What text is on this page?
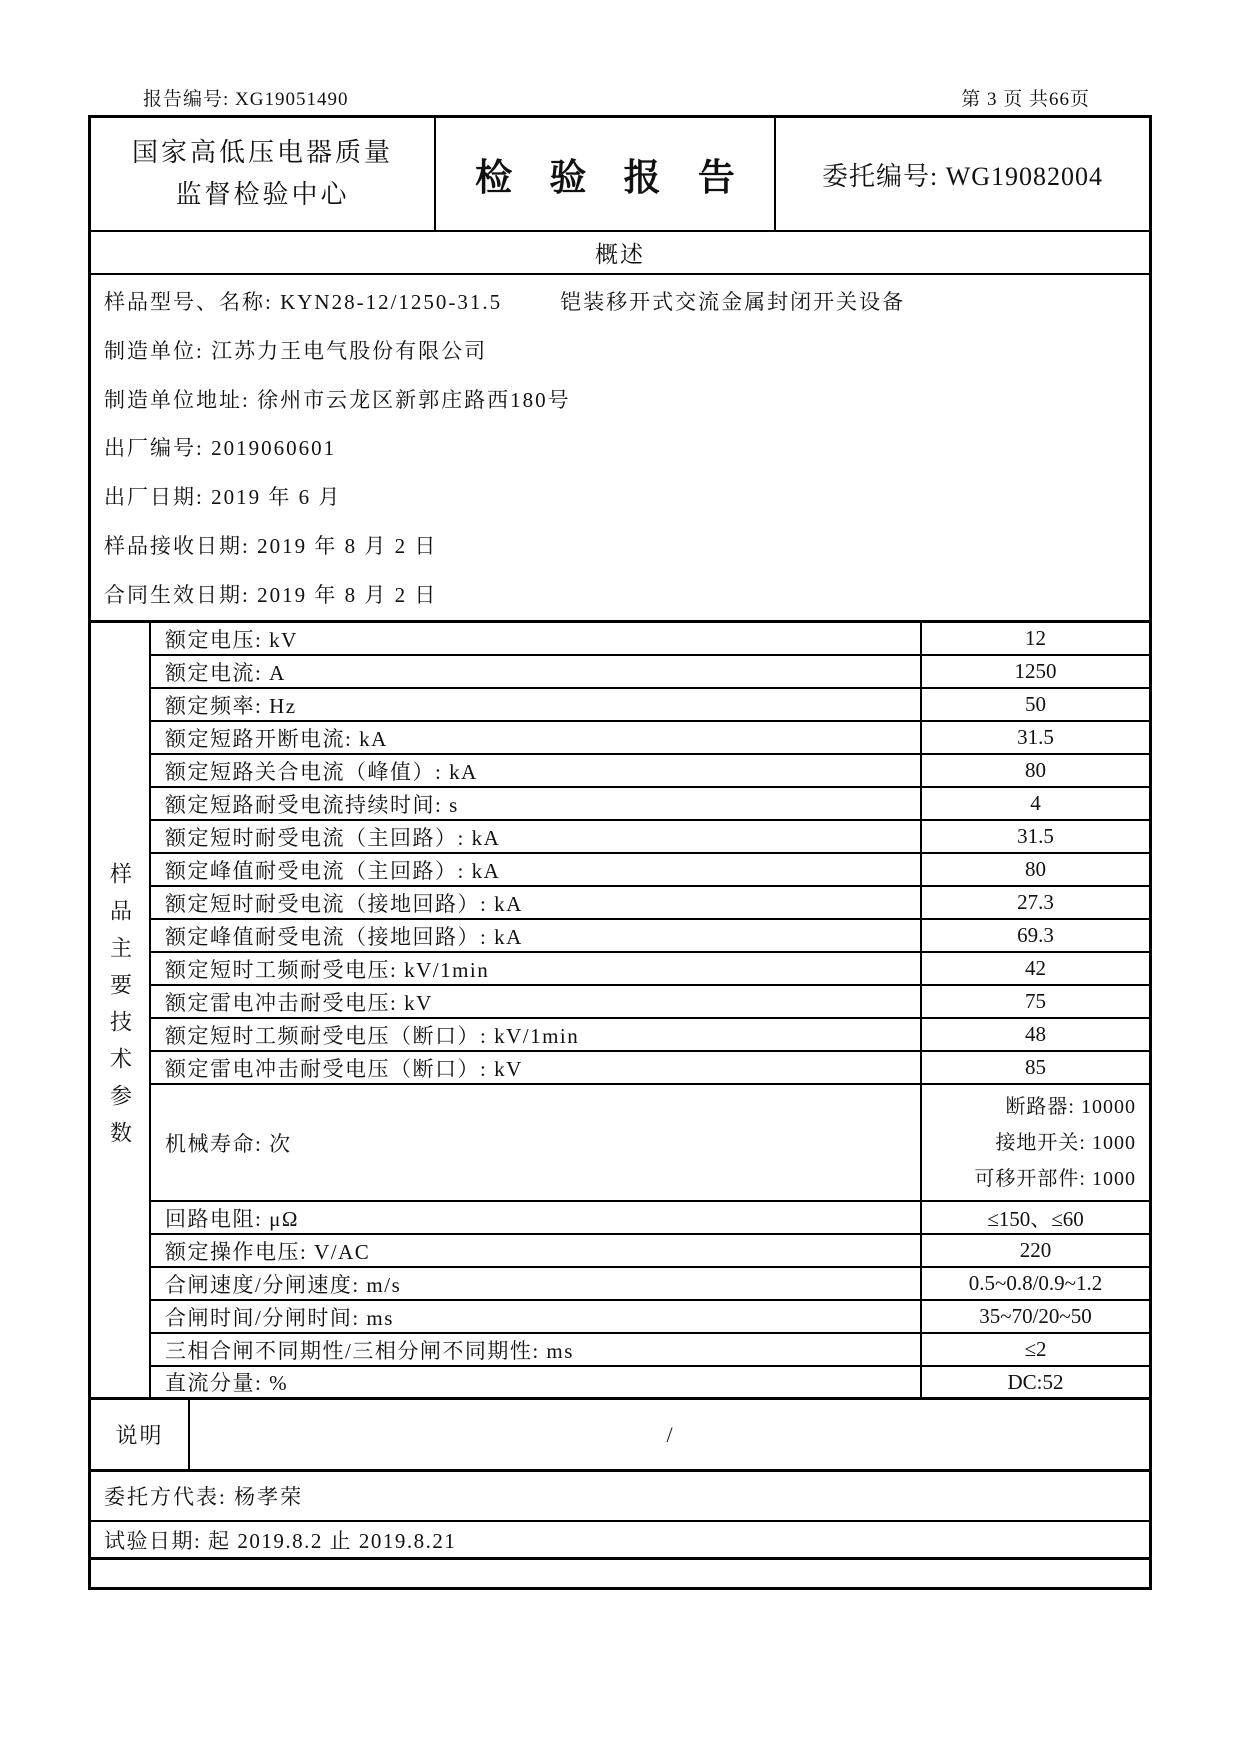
报告编号: XG19051490	第 3 页 共66页
国家高低压电器质量
监督检验中心	检 验 报 告	委托编号: WG19082004
概述
样品型号、名称: KYN28-12/1250-31.5	铠装移开式交流金属封闭开关设备
制造单位: 江苏力王电气股份有限公司
制造单位地址: 徐州市云龙区新郭庄路西180号
出厂编号: 2019060601
出厂日期: 2019 年 6 月
样品接收日期: 2019 年 8 月 2 日
合同生效日期: 2019 年 8 月 2 日
样品主要技术参数
额定电压: kV	12
额定电流: A	1250
额定频率: Hz	50
额定短路开断电流: kA	31.5
额定短路关合电流（峰值）: kA	80
额定短路耐受电流持续时间: s	4
额定短时耐受电流（主回路）: kA	31.5
额定峰值耐受电流（主回路）: kA	80
额定短时耐受电流（接地回路）: kA	27.3
额定峰值耐受电流（接地回路）: kA	69.3
额定短时工频耐受电压: kV/1min	42
额定雷电冲击耐受电压: kV	75
额定短时工频耐受电压（断口）: kV/1min	48
额定雷电冲击耐受电压（断口）: kV	85
机械寿命: 次
断路器: 10000
接地开关: 1000
可移开部件: 1000
回路电阻: μΩ	≤150、≤60
额定操作电压: V/AC	220
合闸速度/分闸速度: m/s	0.5~0.8/0.9~1.2
合闸时间/分闸时间: ms	35~70/20~50
三相合闸不同期性/三相分闸不同期性: ms	≤2
直流分量: %	DC:52
说明	/
委托方代表: 杨孝荣
试验日期: 起 2019.8.2 止 2019.8.21
